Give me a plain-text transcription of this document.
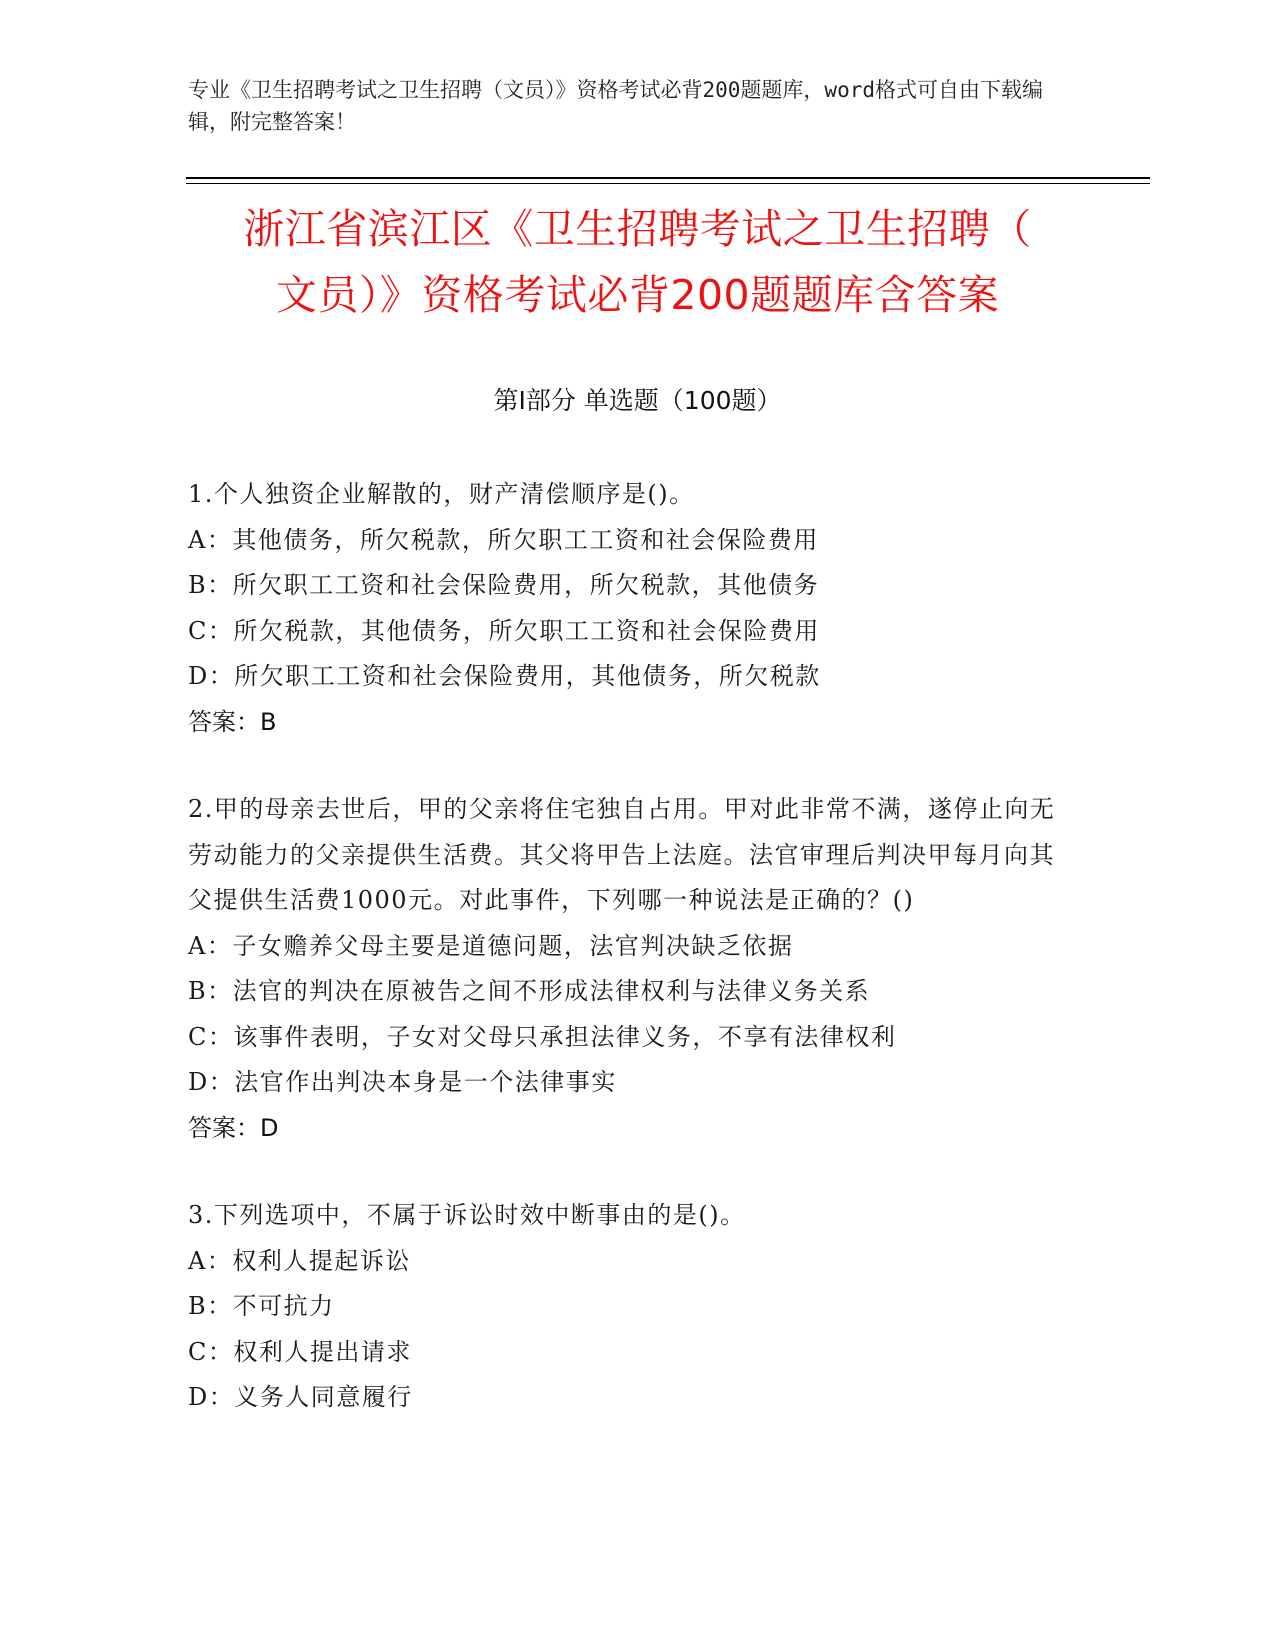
专业《卫生招聘考试之卫生招聘（文员）》资格考试必背200题题库，word格式可自由下载编辑，附完整答案！
浙江省滨江区《卫生招聘考试之卫生招聘（
文员）》资格考试必背200题题库含答案
第Ⅰ部分 单选题（100题）
1.个人独资企业解散的，财产清偿顺序是()。
A：其他债务，所欠税款，所欠职工工资和社会保险费用
B：所欠职工工资和社会保险费用，所欠税款，其他债务
C：所欠税款，其他债务，所欠职工工资和社会保险费用
D：所欠职工工资和社会保险费用，其他债务，所欠税款
答案：B
2.甲的母亲去世后，甲的父亲将住宅独自占用。甲对此非常不满，遂停止向无劳动能力的父亲提供生活费。其父将甲告上法庭。法官审理后判决甲每月向其父提供生活费1000元。对此事件，下列哪一种说法是正确的？()
A：子女赡养父母主要是道德问题，法官判决缺乏依据
B：法官的判决在原被告之间不形成法律权利与法律义务关系
C：该事件表明，子女对父母只承担法律义务，不享有法律权利
D：法官作出判决本身是一个法律事实
答案：D
3.下列选项中，不属于诉讼时效中断事由的是()。
A：权利人提起诉讼
B：不可抗力
C：权利人提出请求
D：义务人同意履行
